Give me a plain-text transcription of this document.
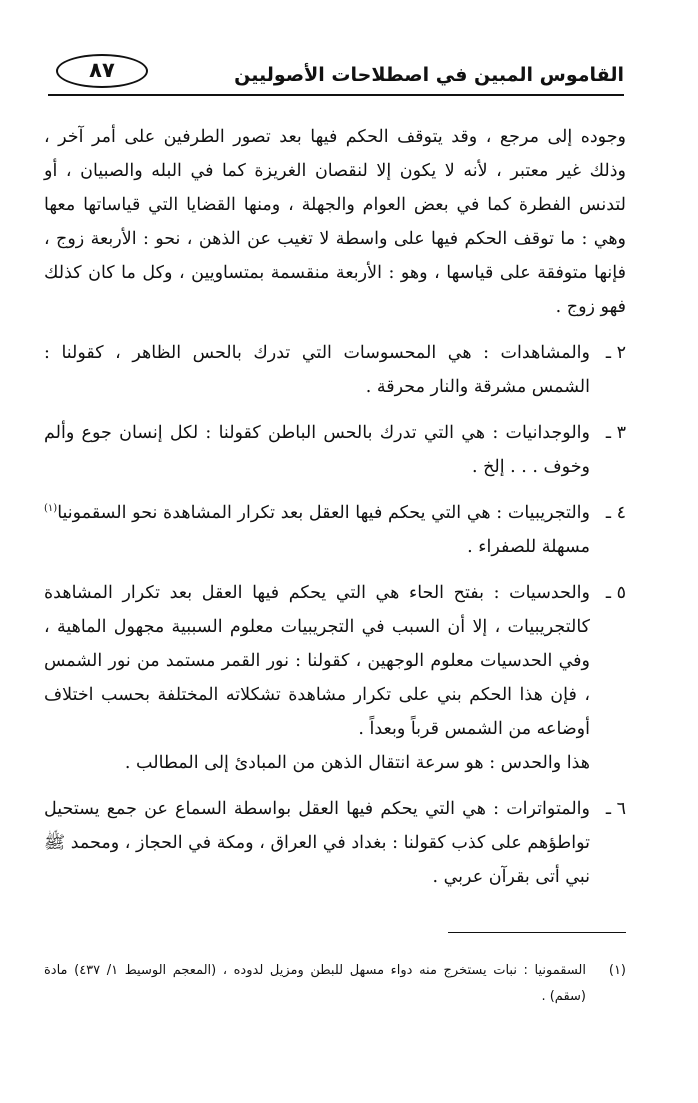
القاموس المبين في اصطلاحات الأصوليين
٨٧

وجوده إلى مرجع ، وقد يتوقف الحكم فيها بعد تصور الطرفين على أمر آخر ، وذلك غير معتبر ، لأنه لا يكون إلا لنقصان الغريزة كما في البله والصبيان ، أو لتدنس الفطرة كما في بعض العوام والجهلة ، ومنها القضايا التي قياساتها معها وهي : ما توقف الحكم فيها على واسطة لا تغيب عن الذهن ، نحو : الأربعة زوج ، فإنها متوفقة على قياسها ، وهو : الأربعة منقسمة بمتساويين ، وكل ما كان كذلك فهو زوج .

٢ ـ
والمشاهدات : هي المحسوسات التي تدرك بالحس الظاهر ، كقولنا : الشمس مشرقة والنار محرقة .
٣ ـ
والوجدانيات : هي التي تدرك بالحس الباطن كقولنا : لكل إنسان جوع وألم وخوف . . . إلخ .
٤ ـ
والتجريبيات : هي التي يحكم فيها العقل بعد تكرار المشاهدة نحو السقمونيا$^{(١)}$ مسهلة للصفراء .
٥ ـ
والحدسيات : بفتح الحاء هي التي يحكم فيها العقل بعد تكرار المشاهدة كالتجريبيات ، إلا أن السبب في التجريبيات معلوم السببية مجهول الماهية ، وفي الحدسيات معلوم الوجهين ، كقولنا : نور القمر مستمد من نور الشمس ، فإن هذا الحكم بني على تكرار مشاهدة تشكلاته المختلفة بحسب اختلاف أوضاعه من الشمس قرباً وبعداً .
هذا والحدس : هو سرعة انتقال الذهن من المبادئ إلى المطالب .
٦ ـ
والمتواترات : هي التي يحكم فيها العقل بواسطة السماع عن جمع يستحيل تواطؤهم على كذب كقولنا : بغداد في العراق ، ومكة في الحجاز ، ومحمد ﷺ نبي أتى بقرآن عربي .
(١)
السقمونيا : نبات يستخرج منه دواء مسهل للبطن ومزيل لدوده ، (المعجم الوسيط ١/ ٤٣٧) مادة (سقم) .
